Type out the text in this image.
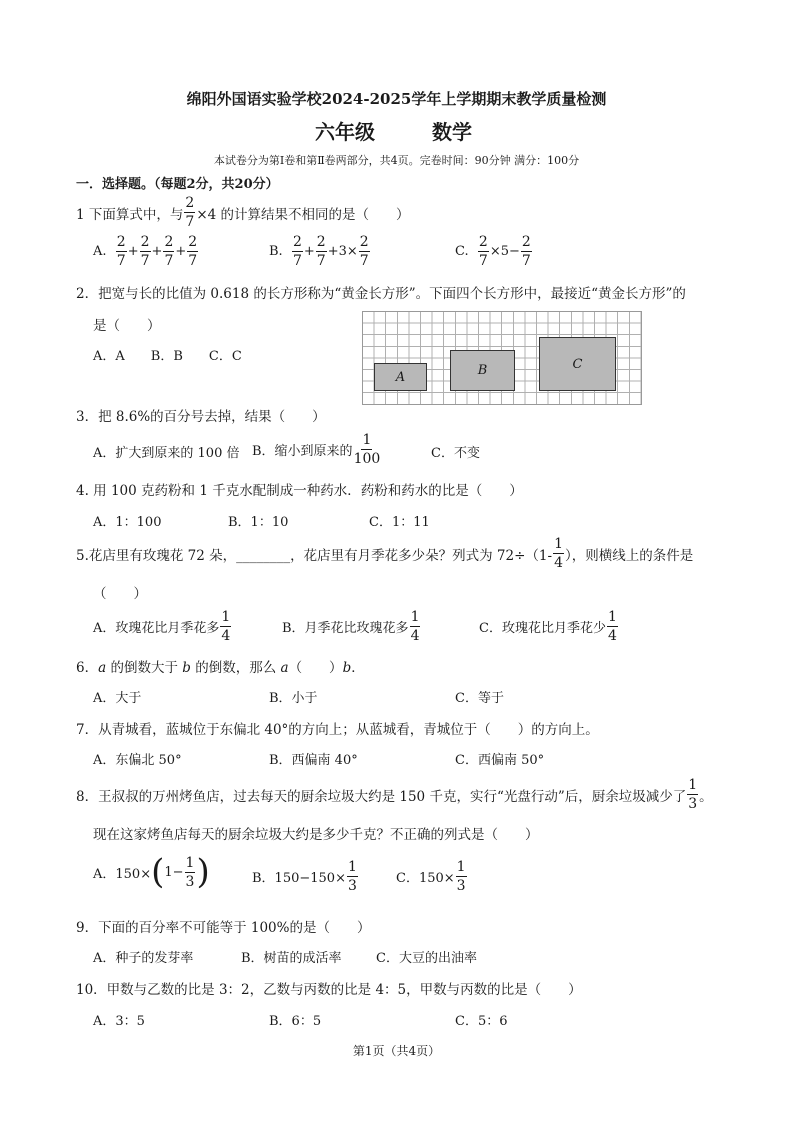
绵阳外国语实验学校2024-2025学年上学期期末教学质量检测
六年级	数学
本试卷分为第Ⅰ卷和第Ⅱ卷两部分，共4页。完卷时间：90分钟 满分：100分
一．选择题。（每题2分，共20分）
1 下面算式中，与 $\frac{2}{7} \times 4$ 的计算结果不相同的是（　　）
A.
$\frac{2}{7} + \frac{2}{7} + \frac{2}{7} + \frac{2}{7}$	B.
$\frac{2}{7} + \frac{2}{7} +3\times \frac{2}{7}$	C.
$\frac{2}{7} \times 5- \frac{2}{7}$
2．把宽与长的比值为 0.618 的长方形称为“黄金长方形”。下面四个长方形中，最接近“黄金长方形”的
是（　　）
A．A　　B．B　　C．C
A	B	C
3．把 8.6%的百分号去掉，结果（　　）
A．扩大到原来的 100 倍 B．缩小到原来的 $\frac{1}{100}$	C．不变
4. 用 100 克药粉和 1 千克水配制成一种药水．药粉和药水的比是（　　）
A．1：100	B．1：10	C．1：11
5.花店里有玫瑰花 72 朵，________，花店里有月季花多少朵？列式为 $72\div(1- \frac{1}{4}$ ），则横线上的条件是
（　　）
A．玫瑰花比月季花多 $\frac{1}{4}$	B．月季花比玫瑰花多 $\frac{1}{4}$	C．玫瑰花比月季花少 $\frac{1}{4}$
6．a 的倒数大于 b 的倒数，那么 a（　　）b．
A．大于	B．小于	C．等于
7．从青城看，蓝城位于东偏北 40°的方向上；从蓝城看，青城位于（　　）的方向上。
A．东偏北 50°	B．西偏南 40°	C．西偏南 50°
8．王叔叔的万州烤鱼店，过去每天的厨余垃圾大约是 150 千克，实行“光盘行动”后，厨余垃圾减少了 $\frac{1}{3}$ 。
现在这家烤鱼店每天的厨余垃圾大约是多少千克？不正确的列式是（　　）
A．150× ( $1- \frac{1}{3}$ )	B．$150-150\times \frac{1}{3}$	C．$150\times \frac{1}{3}$
9．下面的百分率不可能等于 100%的是（　　）
A．种子的发芽率	B．树苗的成活率	C．大豆的出油率
10．甲数与乙数的比是 3：2，乙数与丙数的比是 4：5，甲数与丙数的比是（　　）
A．3：5	B．6：5	C．5：6
第1页（共4页）
